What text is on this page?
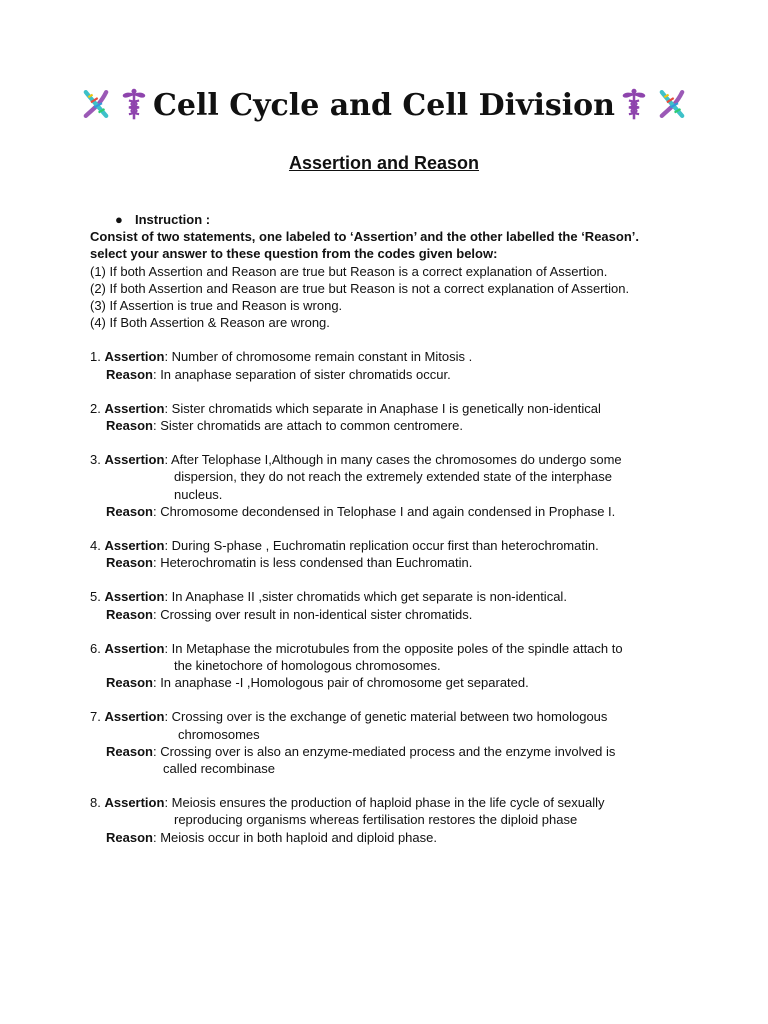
Cell Cycle and Cell Division
Assertion and Reason
● Instruction :
Consist of two statements, one labeled to ‘Assertion’ and the other labelled the ‘Reason’.
select your answer to these question from the codes given below:
(1) If both Assertion and Reason are true but Reason is a correct explanation of Assertion.
(2) If both Assertion and Reason are true but Reason is not a correct explanation of Assertion.
(3) If Assertion is true and Reason is wrong.
(4) If Both Assertion & Reason are wrong.
1. Assertion: Number of chromosome remain constant in Mitosis .
Reason: In anaphase separation of sister chromatids occur.
2. Assertion: Sister chromatids which separate in Anaphase I is genetically non-identical
Reason: Sister chromatids are attach to common centromere.
3. Assertion: After Telophase I,Although in many cases the chromosomes do undergo some
dispersion, they do not reach the extremely extended state of the interphase
nucleus.
Reason: Chromosome decondensed in Telophase I and again condensed in Prophase I.
4. Assertion: During S-phase , Euchromatin replication occur first than heterochromatin.
Reason: Heterochromatin is less condensed than Euchromatin.
5. Assertion: In Anaphase II ,sister chromatids which get separate is non-identical.
Reason: Crossing over result in non-identical sister chromatids.
6. Assertion: In Metaphase the microtubules from the opposite poles of the spindle attach to
the kinetochore of homologous chromosomes.
Reason: In anaphase -I ,Homologous pair of chromosome get separated.
7. Assertion: Crossing over is the exchange of genetic material between two homologous
chromosomes
Reason: Crossing over is also an enzyme-mediated process and the enzyme involved is
called recombinase
8. Assertion: Meiosis ensures the production of haploid phase in the life cycle of sexually
reproducing organisms whereas fertilisation restores the diploid phase
Reason: Meiosis occur in both haploid and diploid phase.
